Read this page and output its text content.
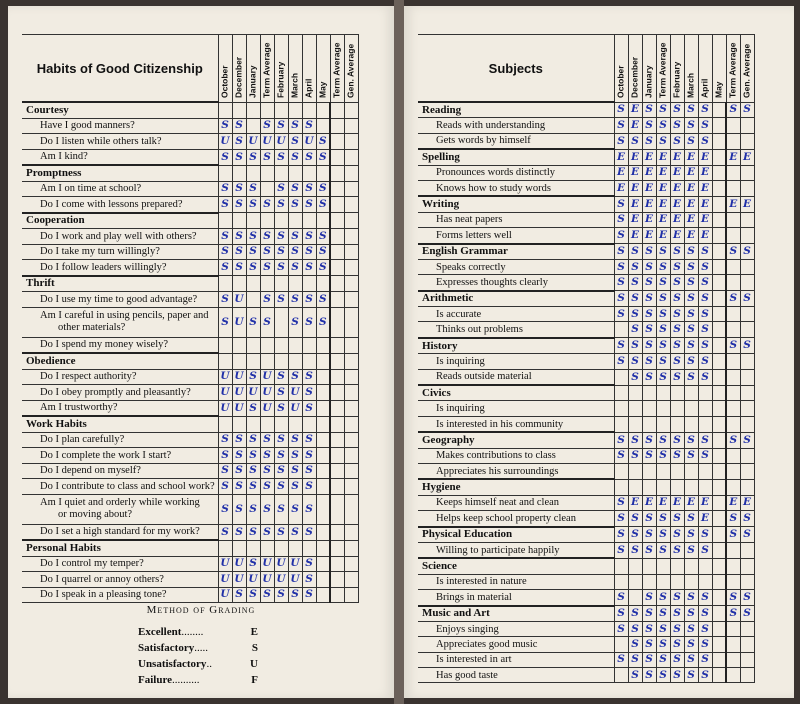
Habits of Good Citizenship	October	December	January	Term Average	February	March	April	May	Term Average	Gen. Average

Courtesy										
Have I good manners?	S	S		S	S	S	S			
Do I listen while others talk?	U	S	U	U	U	S	U	S		
Am I kind?	S	S	S	S	S	S	S	S		
Promptness										
Am I on time at school?	S	S	S		S	S	S	S		
Do I come with lessons prepared?	S	S	S	S	S	S	S	S		
Cooperation										
Do I work and play well with others?	S	S	S	S	S	S	S	S		
Do I take my turn willingly?	S	S	S	S	S	S	S	S		
Do I follow leaders willingly?	S	S	S	S	S	S	S	S		
Thrift										
Do I use my time to good advantage?	S	U		S	S	S	S	S		
Am I careful in using pencils, paper and
other materials?	S	U	S	S		S	S	S		
Do I spend my money wisely?										
Obedience										
Do I respect authority?	U	U	S	U	S	S	S			
Do I obey promptly and pleasantly?	U	U	U	U	S	U	S			
Am I trustworthy?	U	U	S	U	S	U	S			
Work Habits										
Do I plan carefully?	S	S	S	S	S	S	S			
Do I complete the work I start?	S	S	S	S	S	S	S			
Do I depend on myself?	S	S	S	S	S	S	S			
Do I contribute to class and school work?	S	S	S	S	S	S	S			
Am I quiet and orderly while working
or moving about?	S	S	S	S	S	S	S			
Do I set a high standard for my work?	S	S	S	S	S	S	S			
Personal Habits										
Do I control my temper?	U	U	S	U	U	U	S			
Do I quarrel or annoy others?	U	U	U	U	U	U	S			
Do I speak in a pleasing tone?	U	S	S	S	S	S	S			
Method of Grading
Excellent ........	E
Satisfactory .....	S
Unsatisfactory ..	U
Failure ..........	F
Subjects	October	December	January	Term Average	February	March	April	May	Term Average	Gen. Average

Reading	S	E	S	S	S	S	S		S	S
Reads with understanding	S	E	S	S	S	S	S			
Gets words by himself	S	S	S	S	S	S	S			
Spelling	E	E	E	E	E	E	E		E	E
Pronounces words distinctly	E	E	E	E	E	E	E			
Knows how to study words	E	E	E	E	E	E	E			
Writing	S	E	E	E	E	E	E		E	E
Has neat papers	S	E	E	E	E	E	E			
Forms letters well	S	E	E	E	E	E	E			
English Grammar	S	S	S	S	S	S	S		S	S
Speaks correctly	S	S	S	S	S	S	S			
Expresses thoughts clearly	S	S	S	S	S	S	S			
Arithmetic	S	S	S	S	S	S	S		S	S
Is accurate	S	S	S	S	S	S	S			
Thinks out problems		S	S	S	S	S	S			
History	S	S	S	S	S	S	S		S	S
Is inquiring	S	S	S	S	S	S	S			
Reads outside material		S	S	S	S	S	S			
Civics										
Is inquiring										
Is interested in his community										
Geography	S	S	S	S	S	S	S		S	S
Makes contributions to class	S	S	S	S	S	S	S			
Appreciates his surroundings										
Hygiene										
Keeps himself neat and clean	S	E	E	E	E	E	E		E	E
Helps keep school property clean	S	S	S	S	S	S	E		S	S
Physical Education	S	S	S	S	S	S	S		S	S
Willing to participate happily	S	S	S	S	S	S	S			
Science										
Is interested in nature										
Brings in material	S		S	S	S	S	S		S	S
Music and Art	S	S	S	S	S	S	S		S	S
Enjoys singing	S	S	S	S	S	S	S			
Appreciates good music		S	S	S	S	S	S			
Is interested in art	S	S	S	S	S	S	S			
Has good taste		S	S	S	S	S	S			
